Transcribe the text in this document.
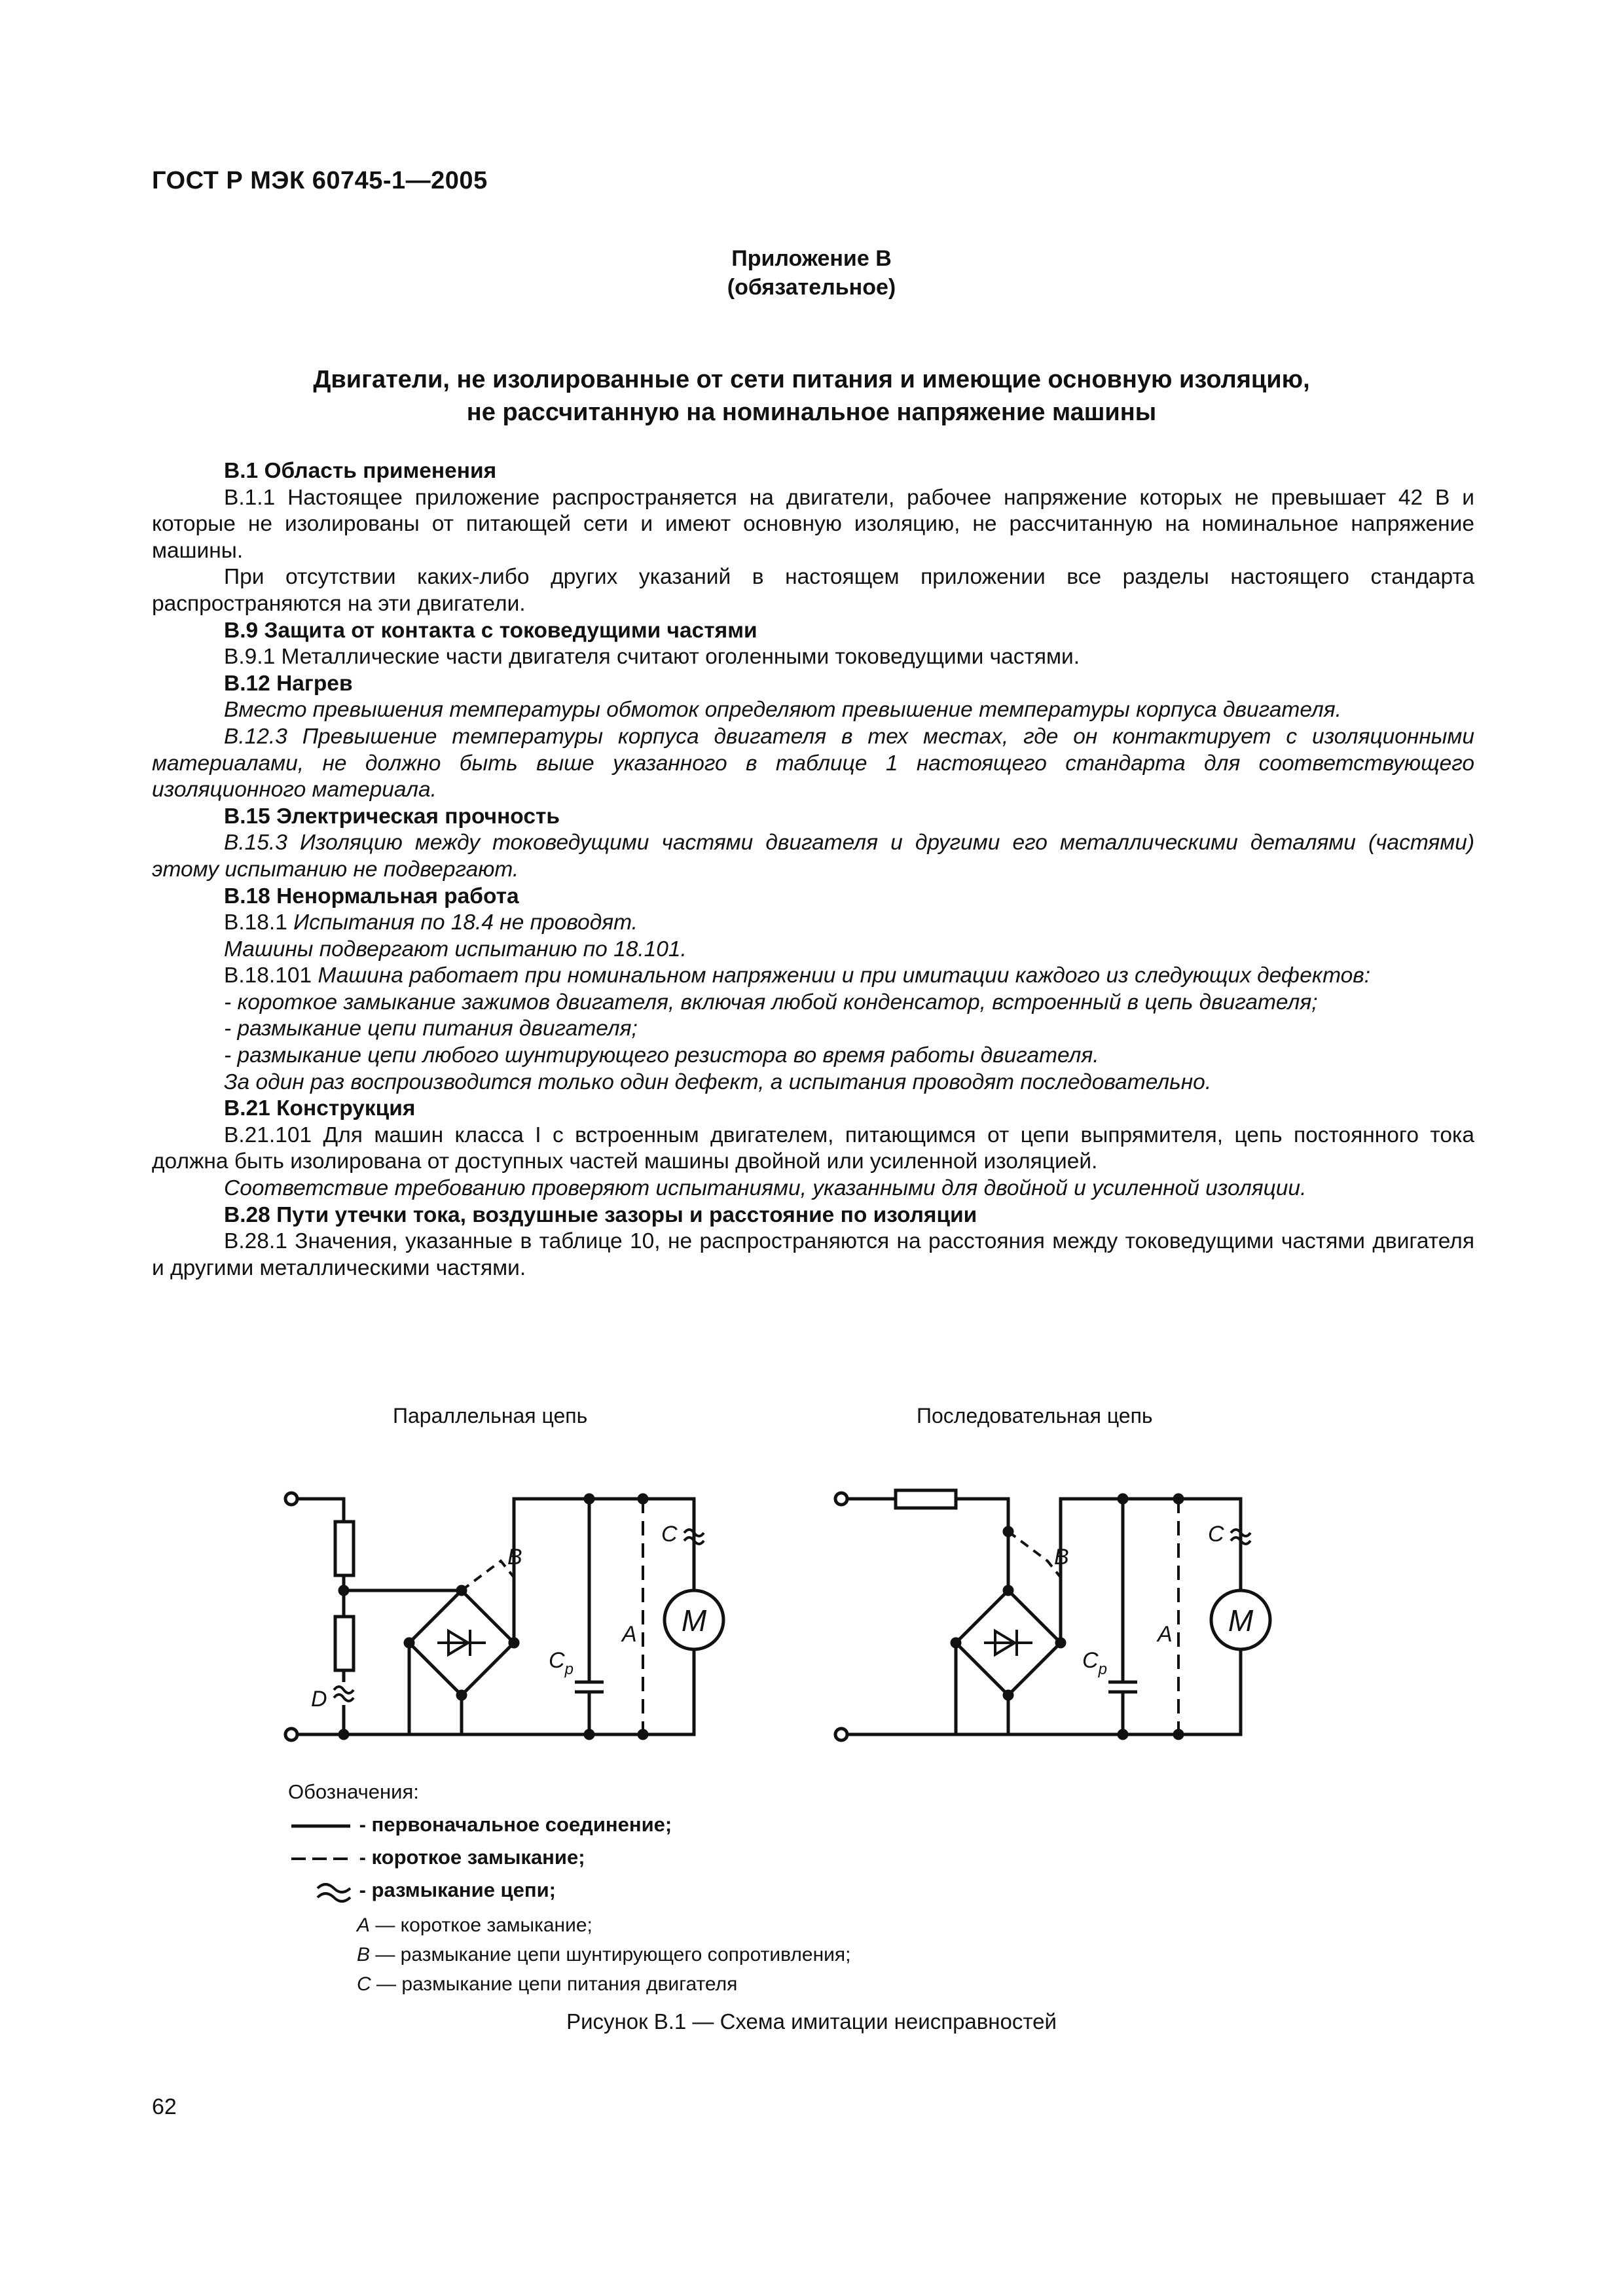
ГОСТ Р МЭК 60745-1—2005
Приложение B
(обязательное)
Двигатели, не изолированные от сети питания и имеющие основную изоляцию,
не рассчитанную на номинальное напряжение машины

B.1 Область применения

B.1.1 Настоящее приложение распространяется на двигатели, рабочее напряжение которых не превышает 42 В и которые не изолированы от питающей сети и имеют основную изоляцию, не рассчитанную на номинальное напряжение машины.

При отсутствии каких-либо других указаний в настоящем приложении все разделы настоящего стандарта распространяются на эти двигатели.

B.9 Защита от контакта с токоведущими частями

B.9.1 Металлические части двигателя считают оголенными токоведущими частями.

B.12 Нагрев

Вместо превышения температуры обмоток определяют превышение температуры корпуса двигателя.

B.12.3 Превышение температуры корпуса двигателя в тех местах, где он контактирует с изоляционными материалами, не должно быть выше указанного в таблице 1 настоящего стандарта для соответствующего изоляционного материала.

B.15 Электрическая прочность

B.15.3 Изоляцию между токоведущими частями двигателя и другими его металлическими деталями (частями) этому испытанию не подвергают.

B.18 Ненормальная работа

B.18.1 Испытания по 18.4 не проводят.

Машины подвергают испытанию по 18.101.

B.18.101 Машина работает при номинальном напряжении и при имитации каждого из следующих дефектов:

- короткое замыкание зажимов двигателя, включая любой конденсатор, встроенный в цепь двигателя;

- размыкание цепи питания двигателя;

- размыкание цепи любого шунтирующего резистора во время работы двигателя.

За один раз воспроизводится только один дефект, а испытания проводят последовательно.

B.21 Конструкция

B.21.101 Для машин класса I с встроенным двигателем, питающимся от цепи выпрямителя, цепь постоянного тока должна быть изолирована от доступных частей машины двойной или усиленной изоляцией.

Соответствие требованию проверяют испытаниями, указанными для двойной и усиленной изоляции.

B.28 Пути утечки тока, воздушные зазоры и расстояние по изоляции

B.28.1 Значения, указанные в таблице 10, не распространяются на расстояния между токоведущими частями двигателя и другими металлическими частями.

Параллельная цепь	Последовательная цепь
M
B
C
A
D
$C_p$
M
B
C
A
$C_p$
Обозначения:
- первоначальное соединение;
- короткое замыкание;
- размыкание цепи;
A — короткое замыкание;
B — размыкание цепи шунтирующего сопротивления;
C — размыкание цепи питания двигателя
Рисунок B.1 — Схема имитации неисправностей
62
